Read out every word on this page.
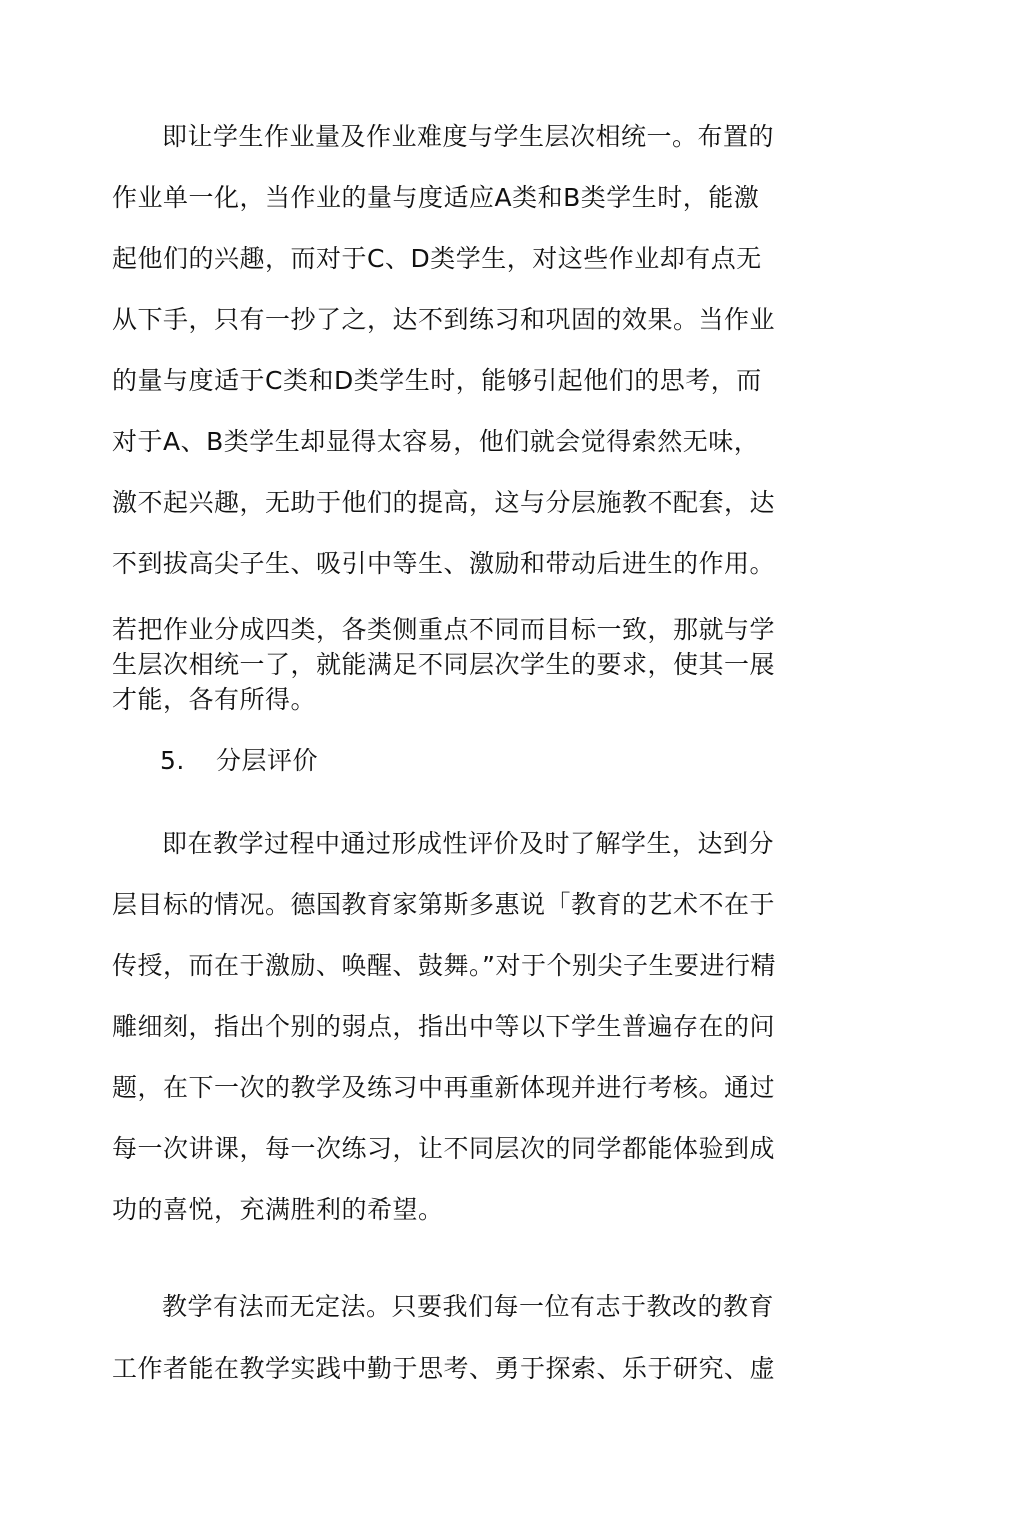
即让学生作业量及作业难度与学生层次相统一。布置的
作业单一化，当作业的量与度适应A类和B类学生时，能激
起他们的兴趣，而对于C、D类学生，对这些作业却有点无
从下手，只有一抄了之，达不到练习和巩固的效果。当作业
的量与度适于C类和D类学生时，能够引起他们的思考，而
对于A、B类学生却显得太容易，他们就会觉得索然无味，
激不起兴趣，无助于他们的提高，这与分层施教不配套，达
不到拔高尖子生、吸引中等生、激励和带动后进生的作用。
若把作业分成四类，各类侧重点不同而目标一致，那就与学
生层次相统一了，就能满足不同层次学生的要求，使其一展
才能，各有所得。
5. 分层评价
即在教学过程中通过形成性评价及时了解学生，达到分
层目标的情况。德国教育家第斯多惠说「教育的艺术不在于
传授，而在于激励、唤醒、鼓舞。”对于个别尖子生要进行精
雕细刻，指出个别的弱点，指出中等以下学生普遍存在的问
题，在下一次的教学及练习中再重新体现并进行考核。通过
每一次讲课，每一次练习，让不同层次的同学都能体验到成
功的喜悦，充满胜利的希望。
教学有法而无定法。只要我们每一位有志于教改的教育
工作者能在教学实践中勤于思考、勇于探索、乐于研究、虚
